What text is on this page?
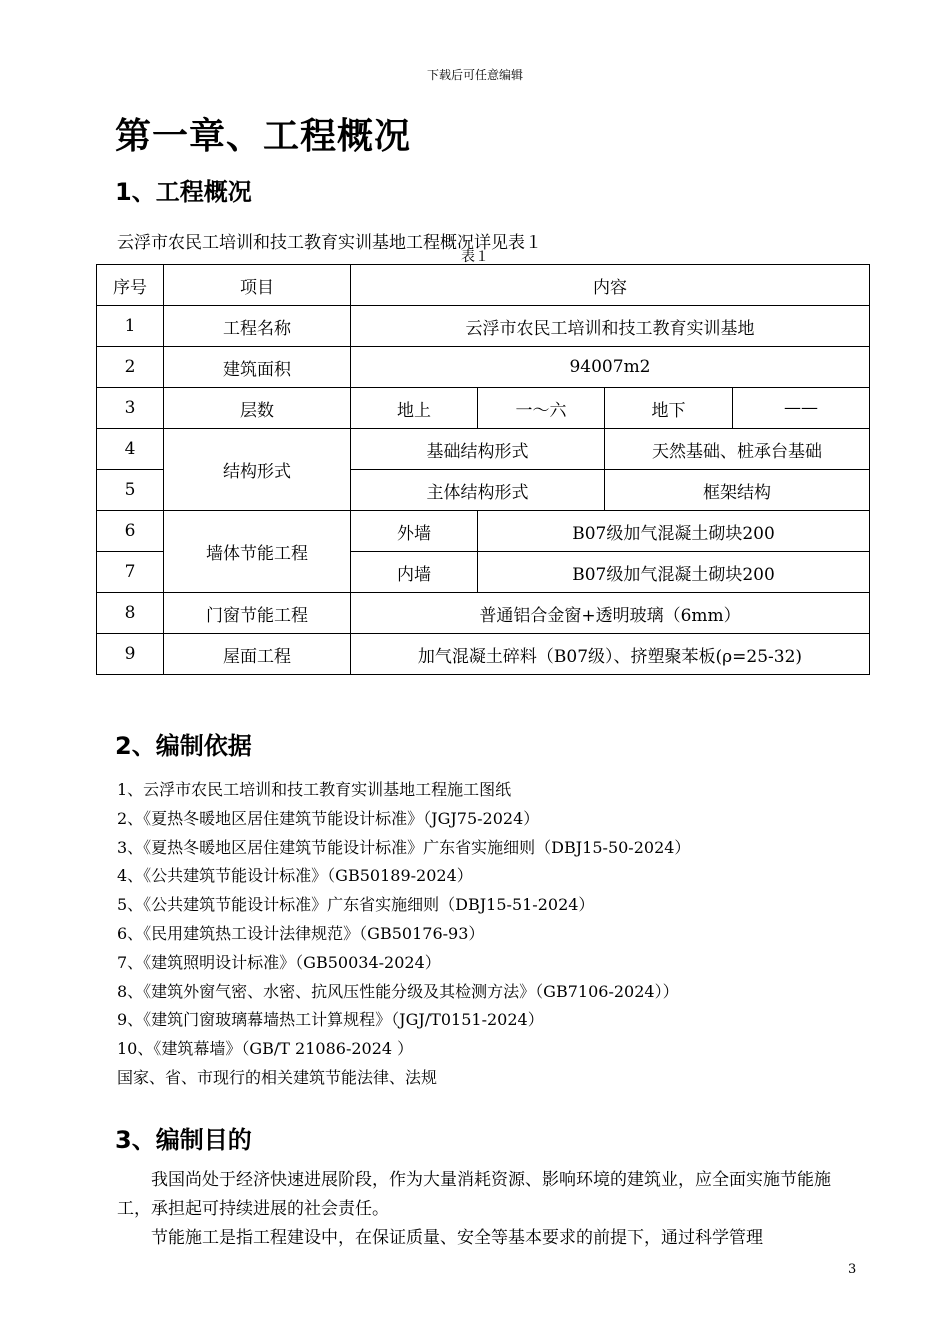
下载后可任意编辑
第一章、工程概况
1、工程概况
云浮市农民工培训和技工教育实训基地工程概况详见表１
表１
序号	项目	内容			
1	工程名称	云浮市农民工培训和技工教育实训基地			
2	建筑面积	94007m2			
3	层数	地上	一～六	地下	——
4	结构形式	基础结构形式		天然基础、桩承台基础	
5		主体结构形式		框架结构	
6	墙体节能工程	外墙	B07级加气混凝土砌块200		
7		内墙	B07级加气混凝土砌块200		
8	门窗节能工程	普通铝合金窗+透明玻璃（6mm）			
9	屋面工程	加气混凝土碎料（B07级）、挤塑聚苯板(ρ=25-32)			
2、编制依据
1、云浮市农民工培训和技工教育实训基地工程施工图纸
2、《夏热冬暖地区居住建筑节能设计标准》（JGJ75-2024）
3、《夏热冬暖地区居住建筑节能设计标准》广东省实施细则（DBJ15-50-2024）
4、《公共建筑节能设计标准》（GB50189-2024）
5、《公共建筑节能设计标准》广东省实施细则（DBJ15-51-2024）
6、《民用建筑热工设计法律规范》（GB50176-93）
7、《建筑照明设计标准》（GB50034-2024）
8、《建筑外窗气密、水密、抗风压性能分级及其检测方法》（GB7106-2024））
9、《建筑门窗玻璃幕墙热工计算规程》（JGJ/T0151-2024）
10、《建筑幕墙》（GB/T 21086-2024 ）
国家、省、市现行的相关建筑节能法律、法规
3、编制目的

我国尚处于经济快速进展阶段，作为大量消耗资源、影响环境的建筑业，应全面实施节能施工，承担起可持续进展的社会责任。

节能施工是指工程建设中，在保证质量、安全等基本要求的前提下，通过科学管理

3
